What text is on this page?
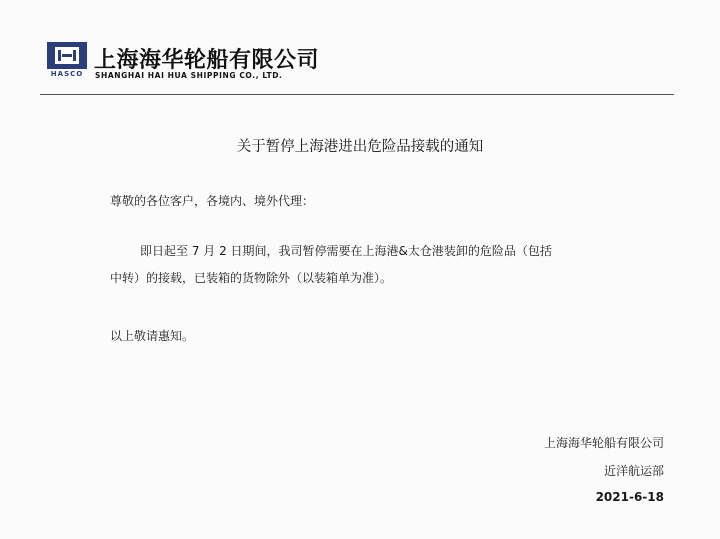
HASCO
上海海华轮船有限公司
SHANGHAI HAI HUA SHIPPING CO., LTD.
关于暂停上海港进出危险品接载的通知
尊敬的各位客户，各境内、境外代理：
即日起至 7 月 2 日期间，我司暂停需要在上海港&太仓港装卸的危险品（包括
中转）的接载，已装箱的货物除外（以装箱单为准）。
以上敬请惠知。
上海海华轮船有限公司
近洋航运部
2021-6-18
